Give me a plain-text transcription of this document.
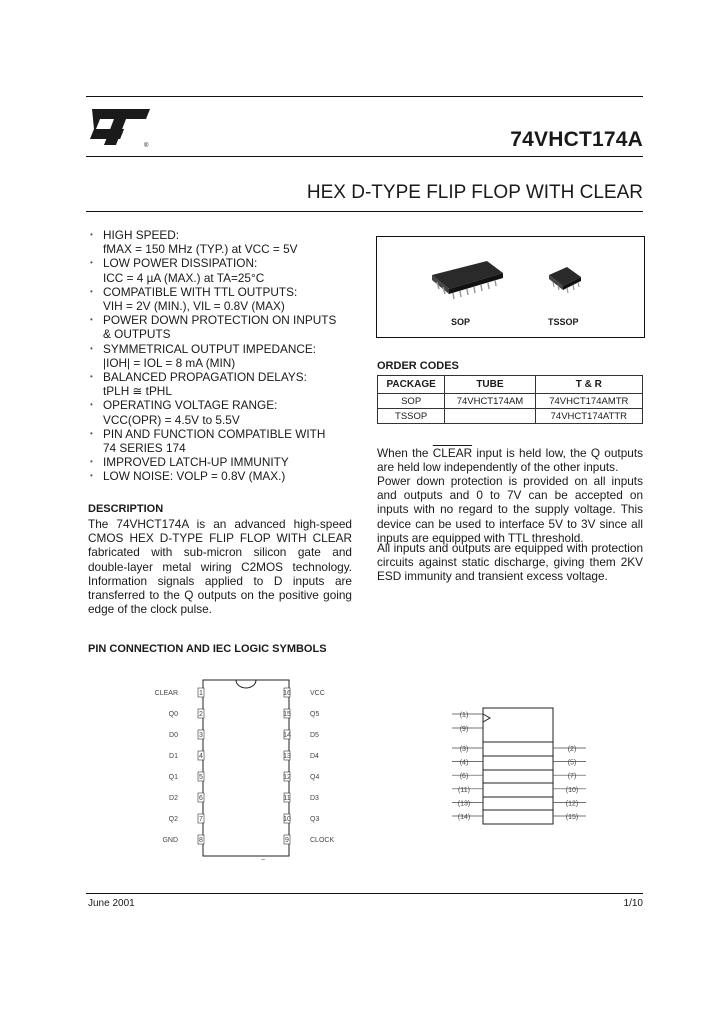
®	74VHCT174A
HEX D-TYPE FLIP FLOP WITH CLEAR
• HIGH SPEED:
fMAX = 150 MHz (TYP.) at VCC = 5V
• LOW POWER DISSIPATION:
ICC = 4 µA (MAX.) at TA=25°C
• COMPATIBLE WITH TTL OUTPUTS:
VIH = 2V (MIN.), VIL = 0.8V (MAX)
• POWER DOWN PROTECTION ON INPUTS
& OUTPUTS
• SYMMETRICAL OUTPUT IMPEDANCE:
|IOH| = IOL = 8 mA (MIN)
• BALANCED PROPAGATION DELAYS:
tPLH ≅ tPHL
• OPERATING VOLTAGE RANGE:
VCC(OPR) = 4.5V to 5.5V
• PIN AND FUNCTION COMPATIBLE WITH
74 SERIES 174
• IMPROVED LATCH-UP IMMUNITY
• LOW NOISE: VOLP = 0.8V (MAX.)
DESCRIPTION
The 74VHCT174A is an advanced high-speed CMOS HEX D-TYPE FLIP FLOP WITH CLEAR fabricated with sub-micron silicon gate and double-layer metal wiring C2MOS technology. Information signals applied to D inputs are transferred to the Q outputs on the positive going edge of the clock pulse.
SOP	TSSOP
ORDER CODES
PACKAGE	TUBE	T & R
SOP	74VHCT174AM	74VHCT174AMTR
TSSOP		74VHCT174ATTR
When the CLEAR input is held low, the Q outputs are held low independently of the other inputs.
Power down protection is provided on all inputs and outputs and 0 to 7V can be accepted on inputs with no regard to the supply voltage. This device can be used to interface 5V to 3V since all inputs are equipped with TTL threshold.
All inputs and outputs are equipped with protection circuits against static discharge, giving them 2KV ESD immunity and transient excess voltage.
PIN CONNECTION AND IEC LOGIC SYMBOLS
CLEAR	1	16	VCC
Q0	2	15	Q5
D0	3	14	D5
D1	4	13	D4
Q1	5	12	Q4
D2	6	11	D3
Q2	7	10	Q3
GND	8	9	CLOCK
~
(1)
(9)
(3)
(4)
(6)
(11)
(13)
(14)
(2)
(5)
(7)
(10)
(12)
(15)
June 2001	1/10
